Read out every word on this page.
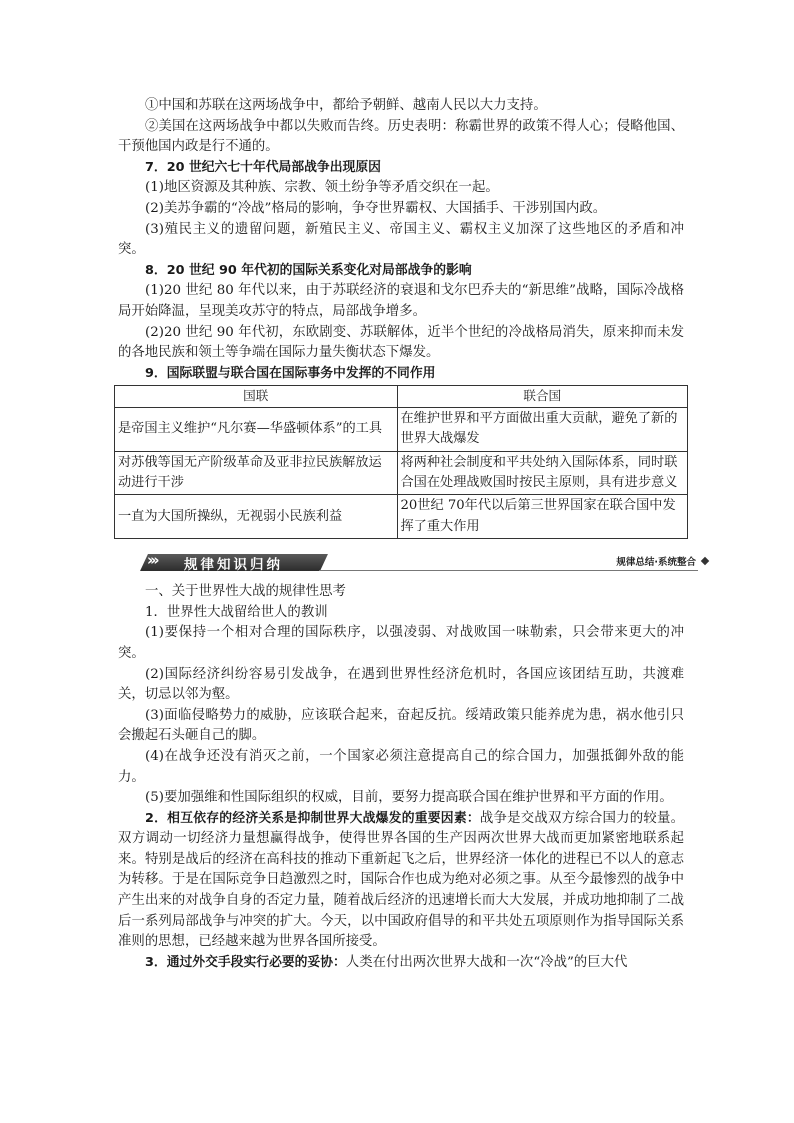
①中国和苏联在这两场战争中，都给予朝鲜、越南人民以大力支持。

②美国在这两场战争中都以失败而告终。历史表明：称霸世界的政策不得人心；侵略他国、干预他国内政是行不通的。

7．20 世纪六七十年代局部战争出现原因

(1)地区资源及其种族、宗教、领土纷争等矛盾交织在一起。

(2)美苏争霸的“冷战”格局的影响，争夺世界霸权、大国插手、干涉别国内政。

(3)殖民主义的遗留问题，新殖民主义、帝国主义、霸权主义加深了这些地区的矛盾和冲突。

8．20 世纪 90 年代初的国际关系变化对局部战争的影响

(1)20 世纪 80 年代以来，由于苏联经济的衰退和戈尔巴乔夫的“新思维”战略，国际冷战格局开始降温，呈现美攻苏守的特点，局部战争增多。

(2)20 世纪 90 年代初，东欧剧变、苏联解体，近半个世纪的冷战格局消失，原来抑而未发的各地民族和领土等争端在国际力量失衡状态下爆发。

9．国际联盟与联合国在国际事务中发挥的不同作用

国联	联合国
是帝国主义维护“凡尔赛—华盛顿体系”的工具	在维护世界和平方面做出重大贡献，避免了新的世界大战爆发
对苏俄等国无产阶级革命及亚非拉民族解放运动进行干涉	将两种社会制度和平共处纳入国际体系，同时联合国在处理战败国时按民主原则，具有进步意义
一直为大国所操纵，无视弱小民族利益	20世纪 70年代以后第三世界国家在联合国中发挥了重大作用
››› 规律知识归纳	规律总结·系统整合

一、关于世界性大战的规律性思考

1．世界性大战留给世人的教训

(1)要保持一个相对合理的国际秩序，以强凌弱、对战败国一味勒索，只会带来更大的冲突。

(2)国际经济纠纷容易引发战争，在遇到世界性经济危机时，各国应该团结互助，共渡难关，切忌以邻为壑。

(3)面临侵略势力的威胁，应该联合起来，奋起反抗。绥靖政策只能养虎为患，祸水他引只会搬起石头砸自己的脚。

(4)在战争还没有消灭之前，一个国家必须注意提高自己的综合国力，加强抵御外敌的能力。

(5)要加强维和性国际组织的权威，目前，要努力提高联合国在维护世界和平方面的作用。

2．相互依存的经济关系是抑制世界大战爆发的重要因素：战争是交战双方综合国力的较量。双方调动一切经济力量想赢得战争，使得世界各国的生产因两次世界大战而更加紧密地联系起来。特别是战后的经济在高科技的推动下重新起飞之后，世界经济一体化的进程已不以人的意志为转移。于是在国际竞争日趋激烈之时，国际合作也成为绝对必须之事。从至今最惨烈的战争中产生出来的对战争自身的否定力量，随着战后经济的迅速增长而大大发展，并成功地抑制了二战后一系列局部战争与冲突的扩大。今天，以中国政府倡导的和平共处五项原则作为指导国际关系准则的思想，已经越来越为世界各国所接受。

3．通过外交手段实行必要的妥协：人类在付出两次世界大战和一次“冷战”的巨大代
